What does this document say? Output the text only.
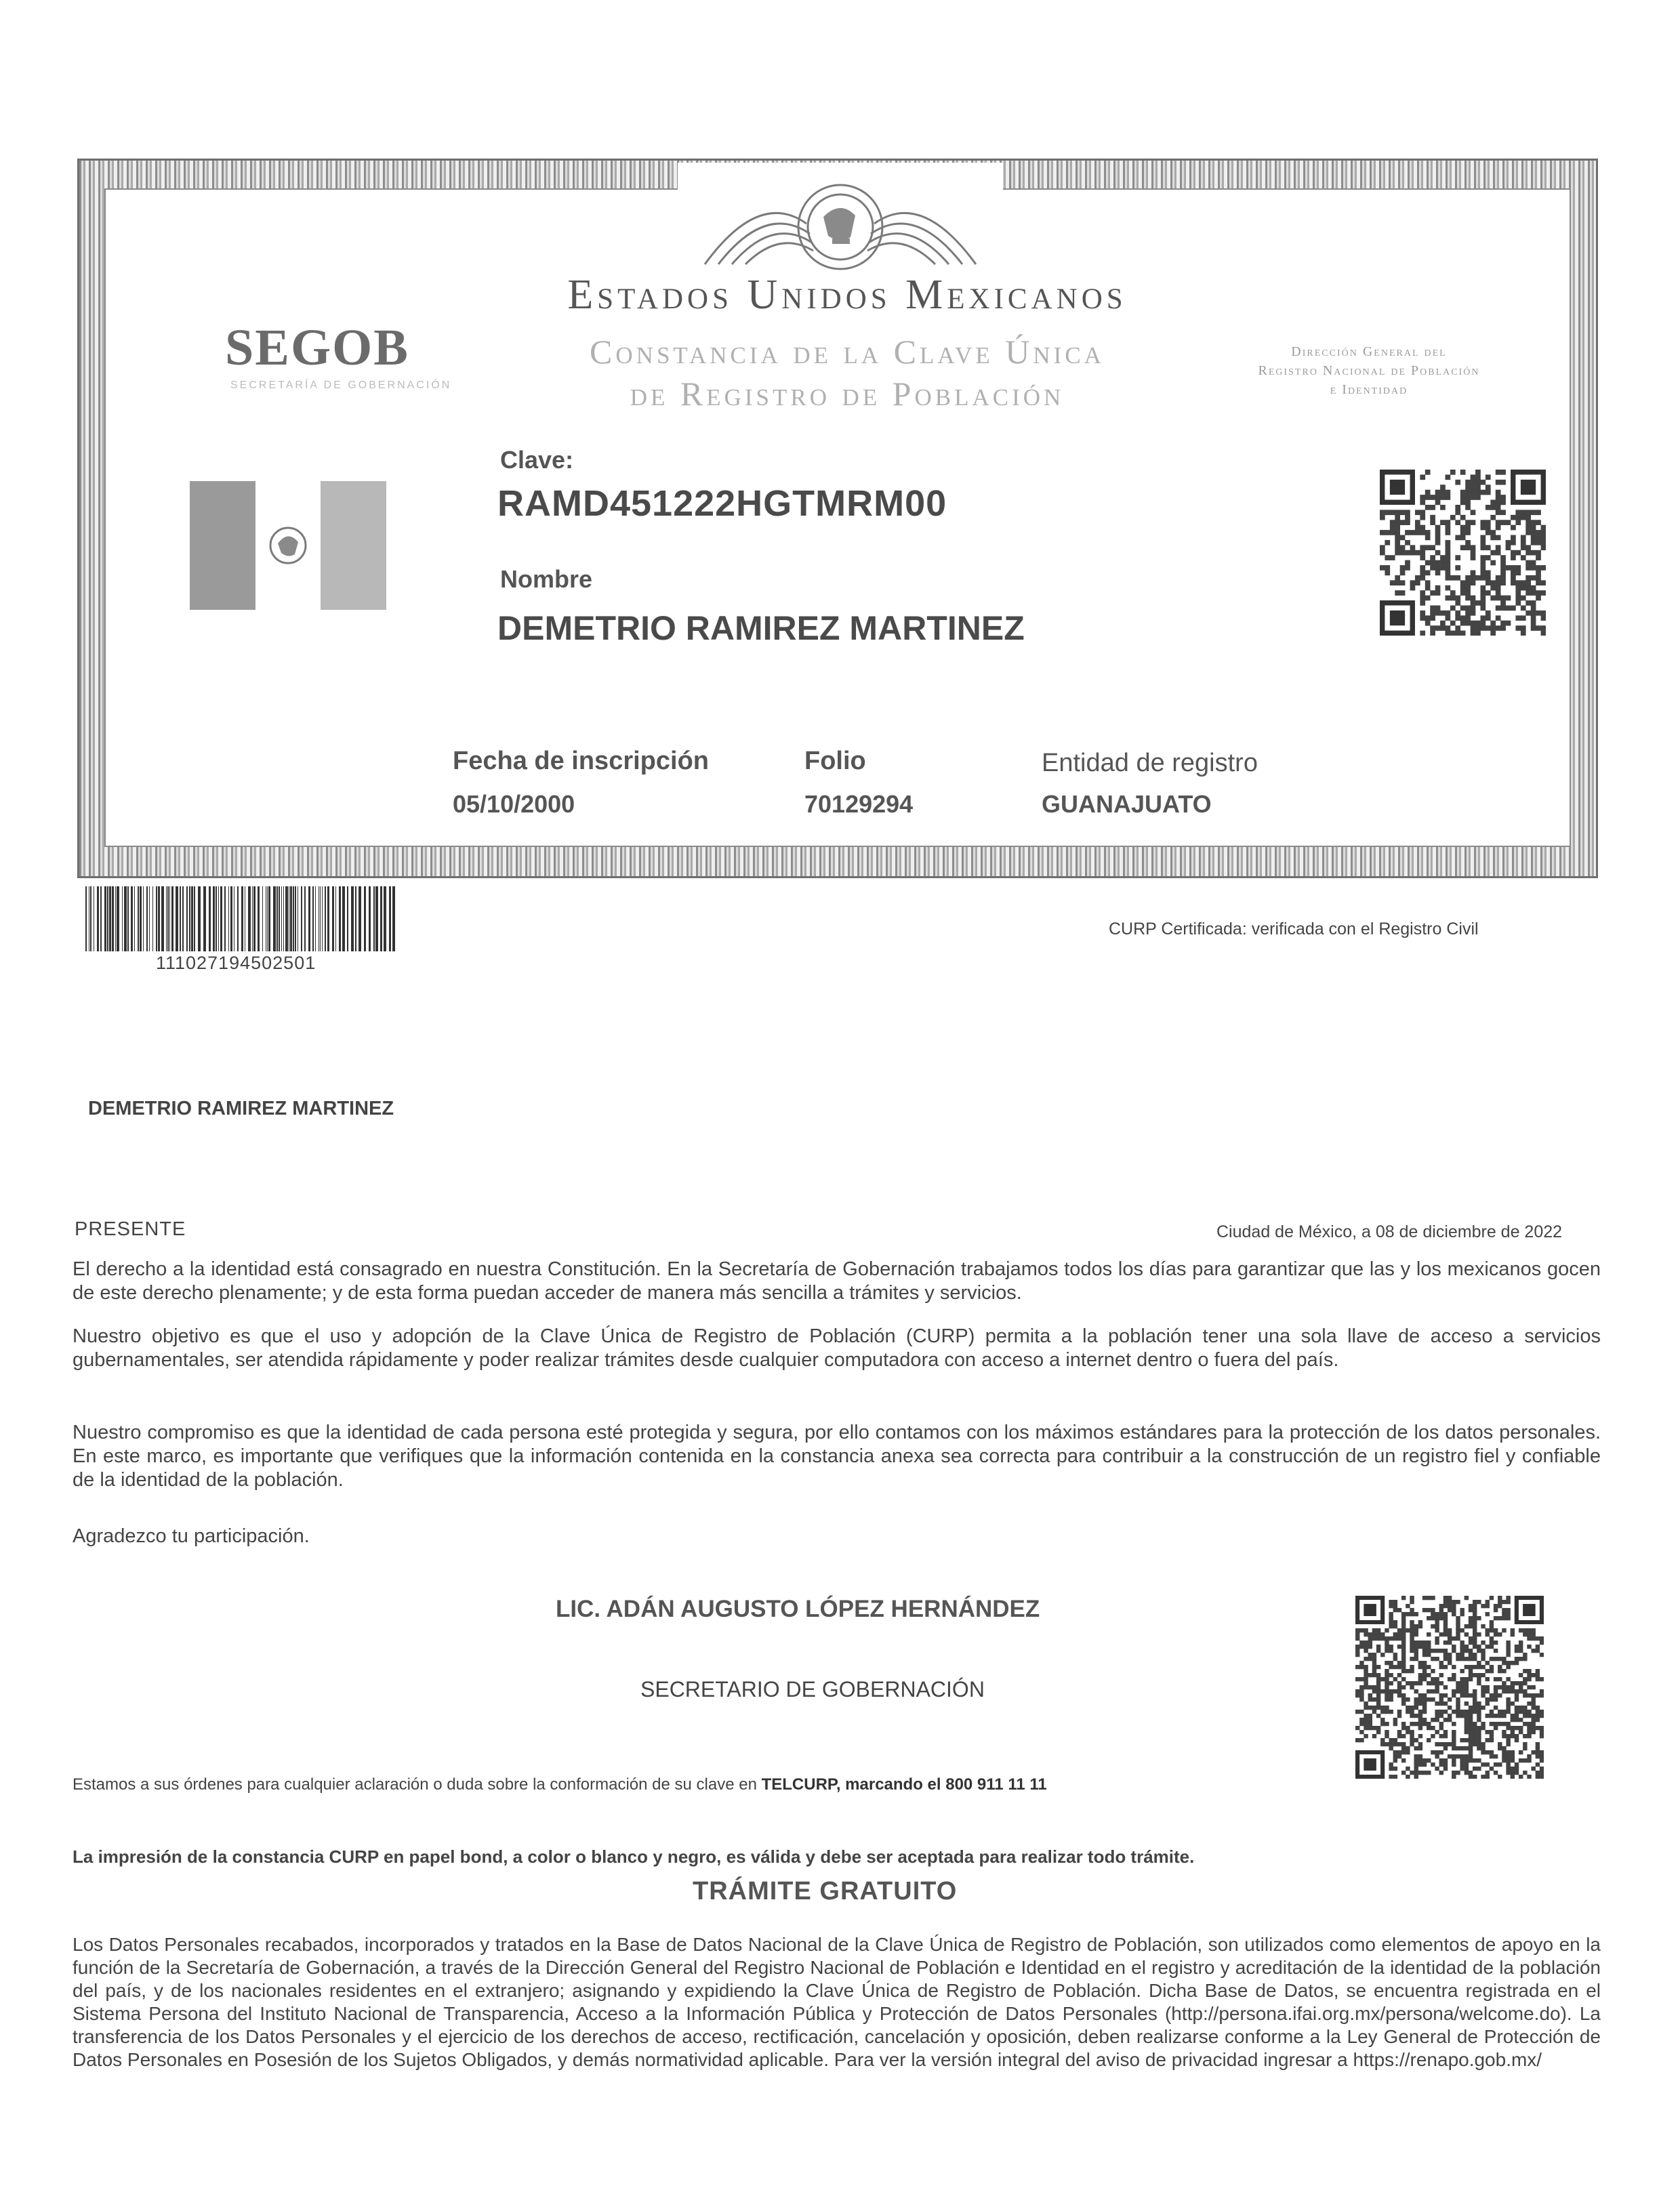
Estados Unidos Mexicanos
Constancia de la Clave Única
de Registro de Población
SEGOB
SECRETARÍA DE GOBERNACIÓN
Dirección General del
Registro Nacional de Población
e Identidad
Clave:
RAMD451222HGTMRM00
Nombre
DEMETRIO RAMIREZ MARTINEZ
Fecha de inscripción
05/10/2000
Folio
70129294
Entidad de registro
GUANAJUATO
111027194502501
CURP Certificada: verificada con el Registro Civil
DEMETRIO RAMIREZ MARTINEZ
PRESENTE	Ciudad de México, a 08 de diciembre de 2022
El derecho a la identidad está consagrado en nuestra Constitución. En la Secretaría de Gobernación trabajamos todos los días para garantizar que las y los mexicanos gocen de este derecho plenamente; y de esta forma puedan acceder de manera más sencilla a trámites y servicios.
Nuestro objetivo es que el uso y adopción de la Clave Única de Registro de Población (CURP) permita a la población tener una sola llave de acceso a servicios gubernamentales, ser atendida rápidamente y poder realizar trámites desde cualquier computadora con acceso a internet dentro o fuera del país.
Nuestro compromiso es que la identidad de cada persona esté protegida y segura, por ello contamos con los máximos estándares para la protección de los datos personales. En este marco, es importante que verifiques que la información contenida en la constancia anexa sea correcta para contribuir a la construcción de un registro fiel y confiable de la identidad de la población.
Agradezco tu participación.
LIC. ADÁN AUGUSTO LÓPEZ HERNÁNDEZ
SECRETARIO DE GOBERNACIÓN
Estamos a sus órdenes para cualquier aclaración o duda sobre la conformación de su clave en TELCURP, marcando el 800 911 11 11
La impresión de la constancia CURP en papel bond, a color o blanco y negro, es válida y debe ser aceptada para realizar todo trámite.
TRÁMITE GRATUITO
Los Datos Personales recabados, incorporados y tratados en la Base de Datos Nacional de la Clave Única de Registro de Población, son utilizados como elementos de apoyo en la función de la Secretaría de Gobernación, a través de la Dirección General del Registro Nacional de Población e Identidad en el registro y acreditación de la identidad de la población del país, y de los nacionales residentes en el extranjero; asignando y expidiendo la Clave Única de Registro de Población. Dicha Base de Datos, se encuentra registrada en el Sistema Persona del Instituto Nacional de Transparencia, Acceso a la Información Pública y Protección de Datos Personales (http://persona.ifai.org.mx/persona/welcome.do). La transferencia de los Datos Personales y el ejercicio de los derechos de acceso, rectificación, cancelación y oposición, deben realizarse conforme a la Ley General de Protección de Datos Personales en Posesión de los Sujetos Obligados, y demás normatividad aplicable. Para ver la versión integral del aviso de privacidad ingresar a https://renapo.gob.mx/
